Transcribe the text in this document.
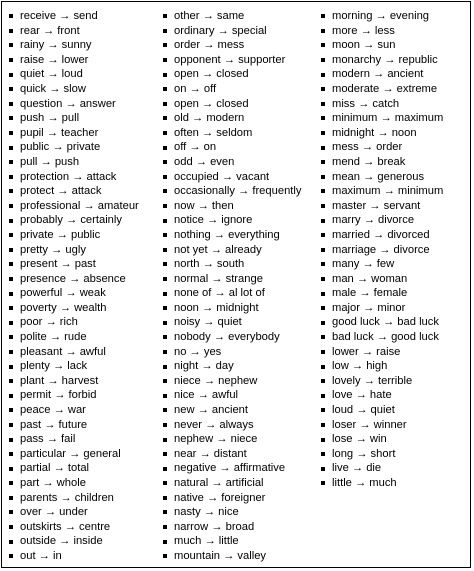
receive → send
rear → front
rainy → sunny
raise → lower
quiet → loud
quick → slow
question → answer
push → pull
pupil → teacher
public → private
pull → push
protection → attack
protect → attack
professional → amateur
probably → certainly
private → public
pretty → ugly
present → past
presence → absence
powerful → weak
poverty → wealth
poor → rich
polite → rude
pleasant → awful
plenty → lack
plant → harvest
permit → forbid
peace → war
past → future
pass → fail
particular → general
partial → total
part → whole
parents → children
over → under
outskirts → centre
outside → inside
out → in
other → same
ordinary → special
order → mess
opponent → supporter
open → closed
on → off
open → closed
old → modern
often → seldom
off → on
odd → even
occupied → vacant
occasionally → frequently
now → then
notice → ignore
nothing → everything
not yet → already
north → south
normal → strange
none of → al lot of
noon → midnight
noisy → quiet
nobody → everybody
no → yes
night → day
niece → nephew
nice → awful
new → ancient
never → always
nephew → niece
near → distant
negative → affirmative
natural → artificial
native → foreigner
nasty → nice
narrow → broad
much → little
mountain → valley
morning → evening
more → less
moon → sun
monarchy → republic
modern → ancient
moderate → extreme
miss → catch
minimum → maximum
midnight → noon
mess → order
mend → break
mean → generous
maximum → minimum
master → servant
marry → divorce
married → divorced
marriage → divorce
many → few
man → woman
male → female
major → minor
good luck → bad luck
bad luck → good luck
lower → raise
low → high
lovely → terrible
love → hate
loud → quiet
loser → winner
lose → win
long → short
live → die
little → much
